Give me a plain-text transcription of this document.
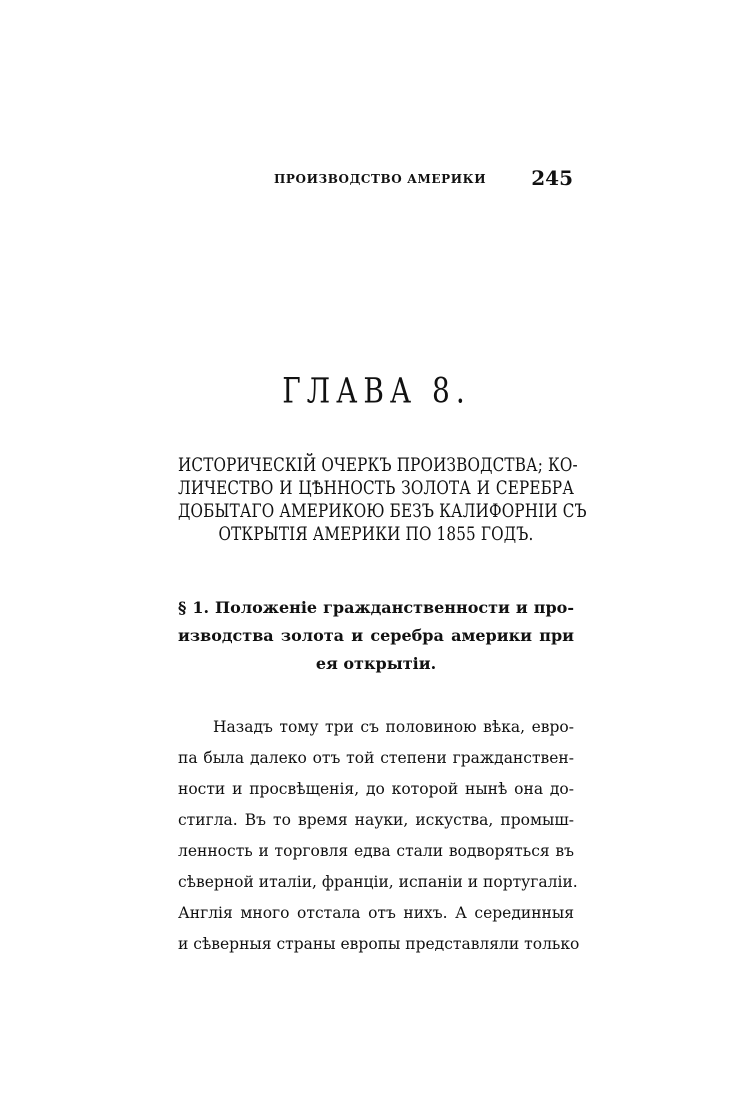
ПРОИЗВОДСТВО АМЕРИКИ 245
ГЛАВА 8.
ИСТОРИЧЕСКІЙ ОЧЕРКЪ ПРОИЗВОДСТВА; КО-
ЛИЧЕСТВО И ЦѢННОСТЬ ЗОЛОТА И СЕРЕБРА
ДОБЫТАГО АМЕРИКОЮ БЕЗЪ КАЛИФОРНІИ СЪ
ОТКРЫТІЯ АМЕРИКИ ПО 1855 ГОДЪ.
§ 1. Положеніе гражданственности и про-
изводства золота и серебра америки при
ея открытіи.
Назадъ тому три съ половиною вѣка, евро-
па была далеко отъ той степени гражданствен-
ности и просвѣщенія, до которой нынѣ она до-
стигла. Въ то время науки, искуства, промыш-
ленность и торговля едва стали водворяться въ
сѣверной италіи, франціи, испаніи и португаліи.
Англія много отстала отъ нихъ. А серединныя
и сѣверныя страны европы представляли только
